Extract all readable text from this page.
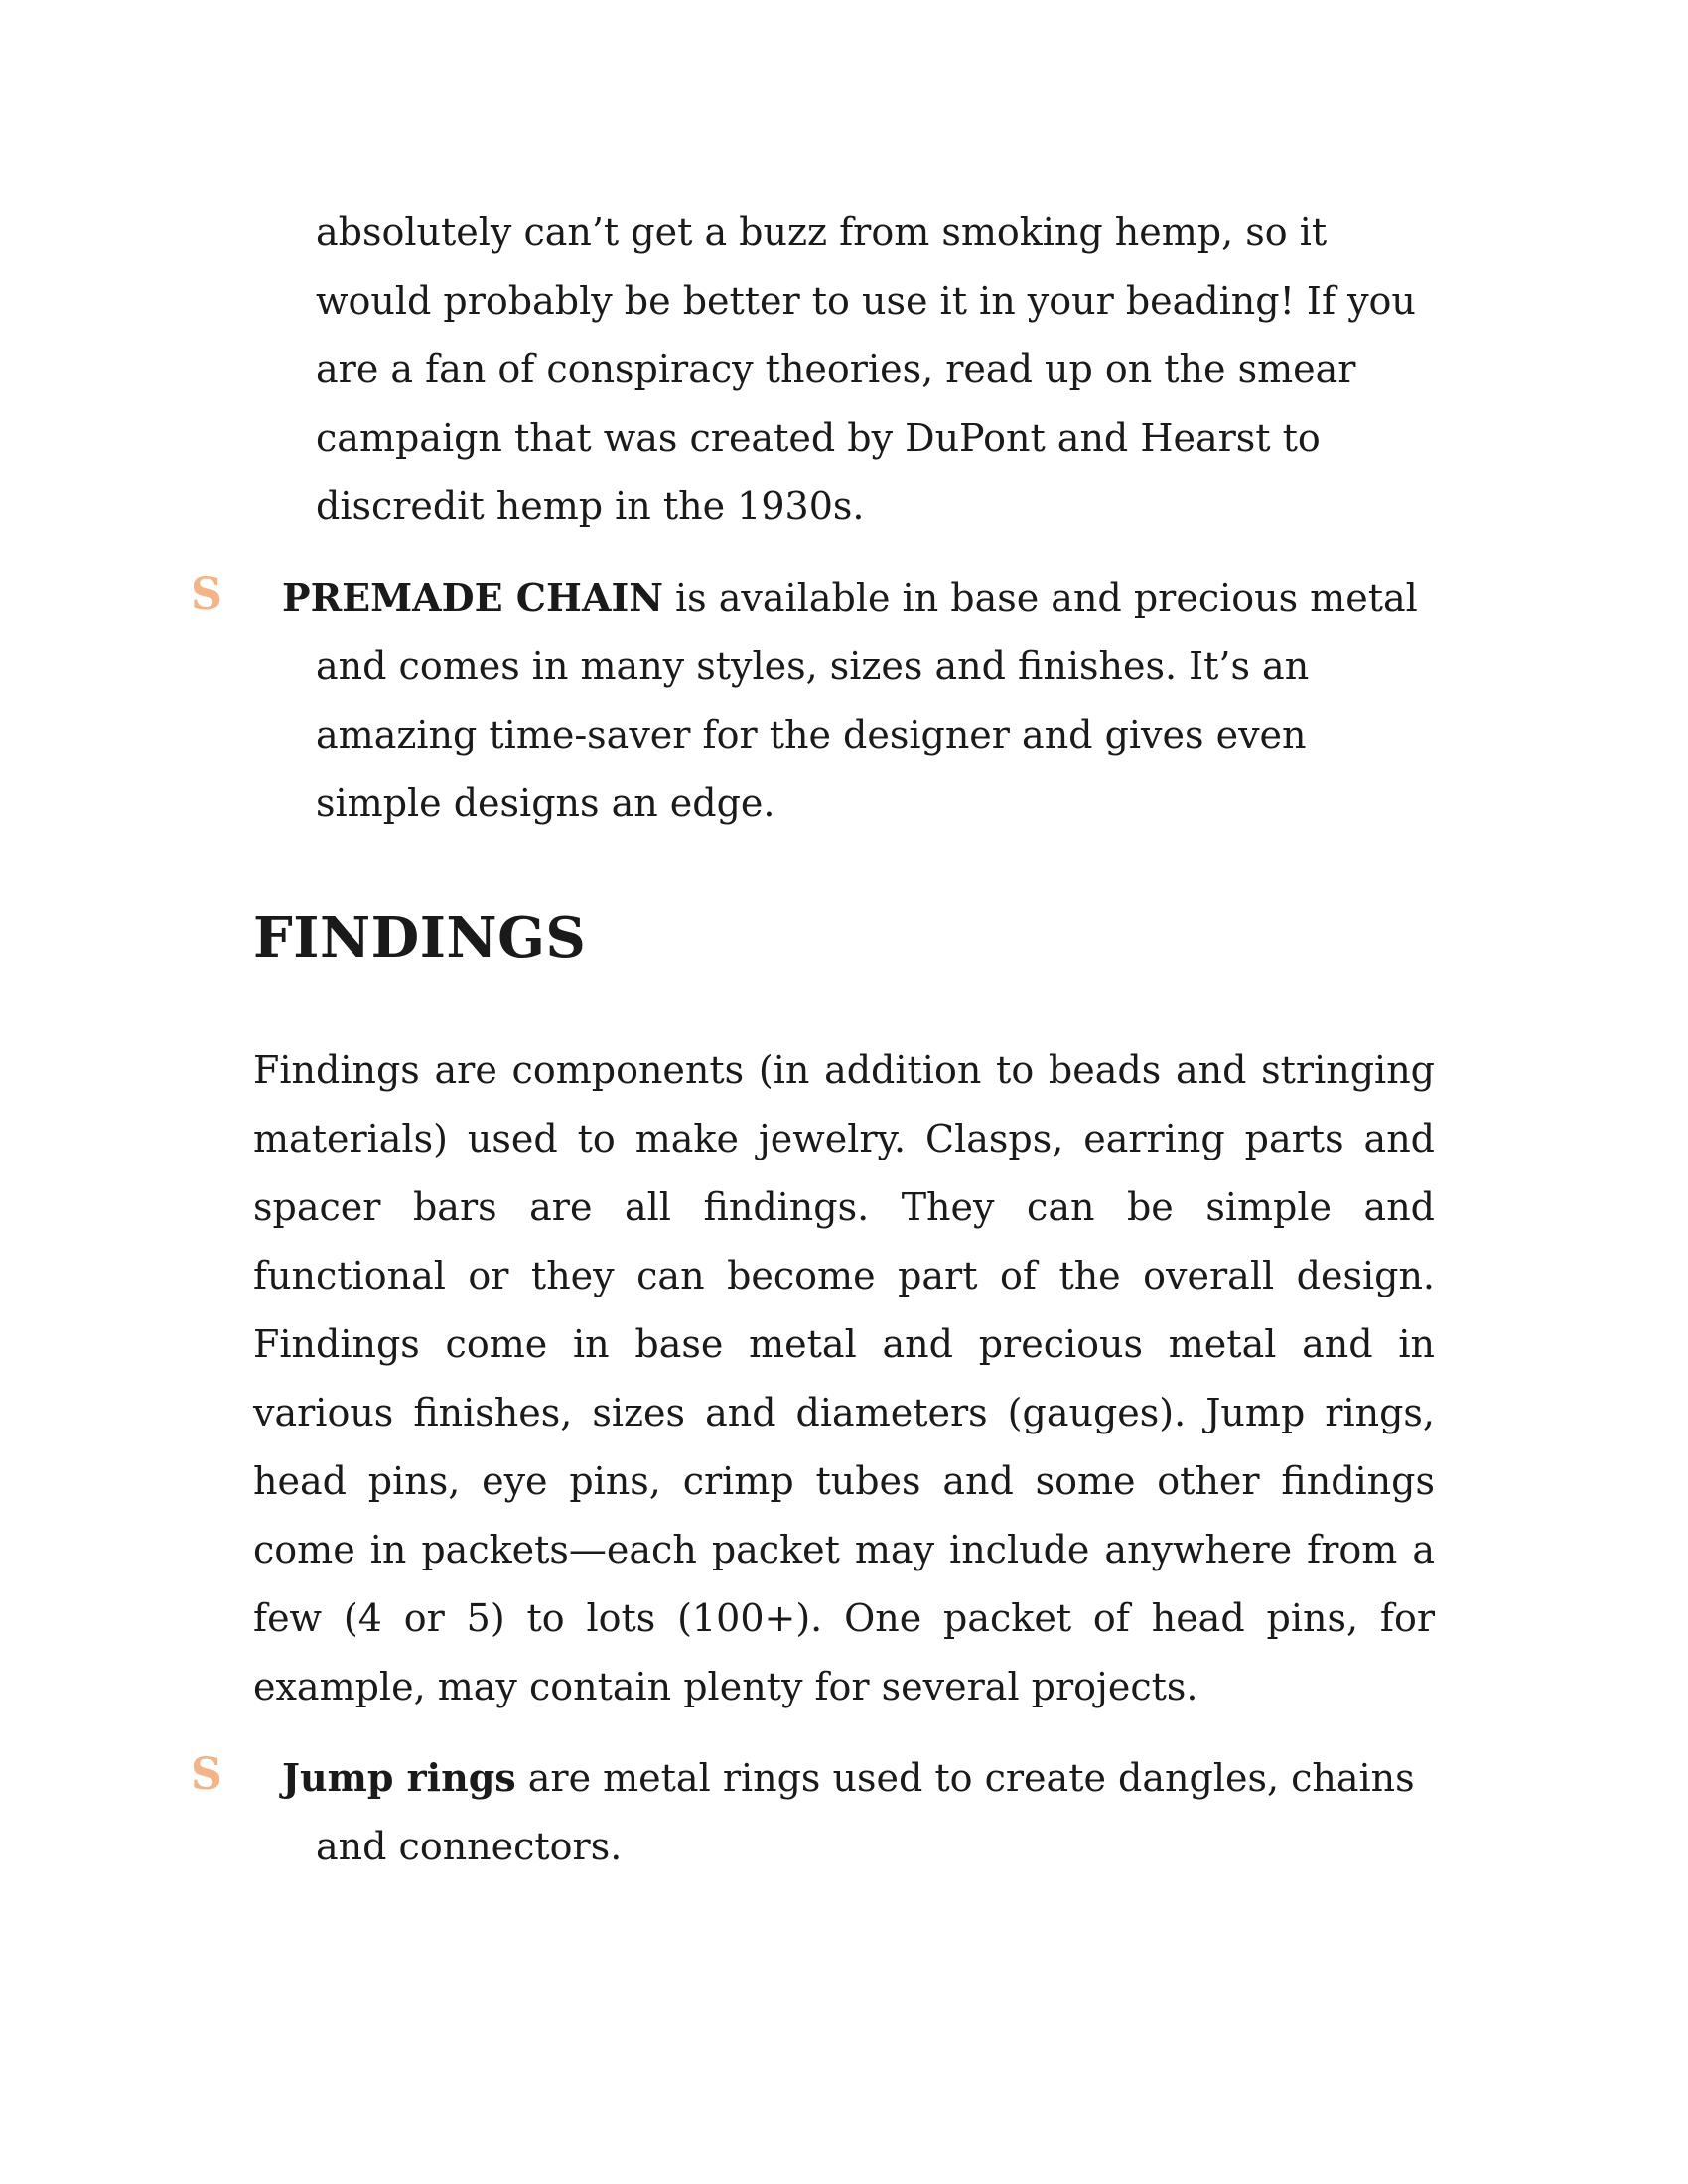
absolutely can’t get a buzz from smoking hemp, so it would probably be better to use it in your beading! If you are a fan of conspiracy theories, read up on the smear campaign that was created by DuPont and Hearst to discredit hemp in the 1930s.

S PREMADE CHAIN is available in base and precious metal and comes in many styles, sizes and finishes. It’s an amazing time-saver for the designer and gives even simple designs an edge.

FINDINGS

Findings are components (in addition to beads and stringing materials) used to make jewelry. Clasps, earring parts and spacer bars are all findings. They can be simple and functional or they can become part of the overall design. Findings come in base metal and precious metal and in various finishes, sizes and diameters (gauges). Jump rings, head pins, eye pins, crimp tubes and some other findings come in packets—each packet may include anywhere from a few (4 or 5) to lots (100+). One packet of head pins, for example, may contain plenty for several projects.

S Jump rings are metal rings used to create dangles, chains and connectors.
